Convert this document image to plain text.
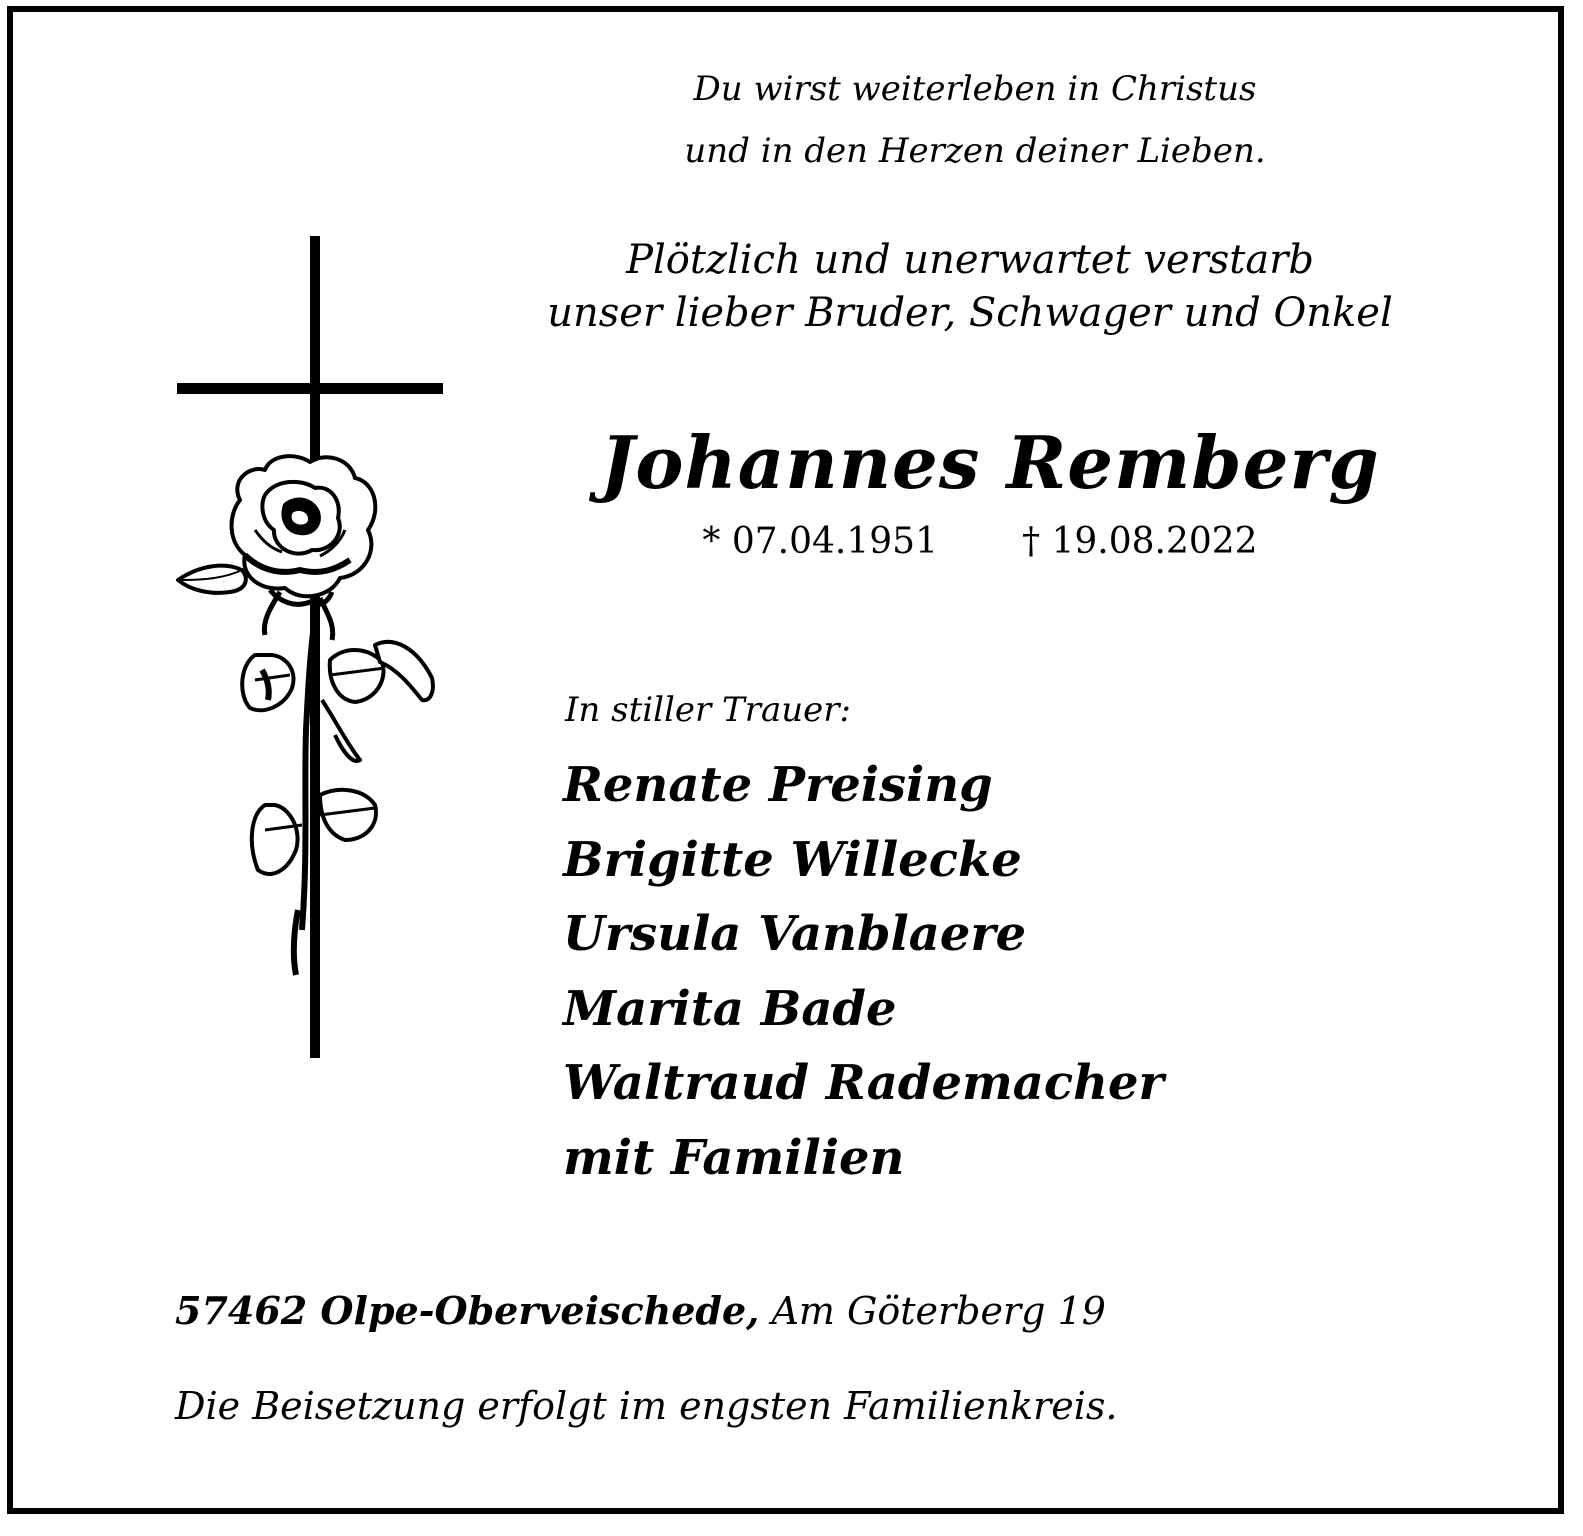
Du wirst weiterleben in Christus
und in den Herzen deiner Lieben.
Plötzlich und unerwartet verstarb
unser lieber Bruder, Schwager und Onkel
Johannes Remberg
* 07.04.1951 † 19.08.2022
In stiller Trauer:
Renate Preising
Brigitte Willecke
Ursula Vanblaere
Marita Bade
Waltraud Rademacher
mit Familien
57462 Olpe-Oberveischede, Am Göterberg 19
Die Beisetzung erfolgt im engsten Familienkreis.
